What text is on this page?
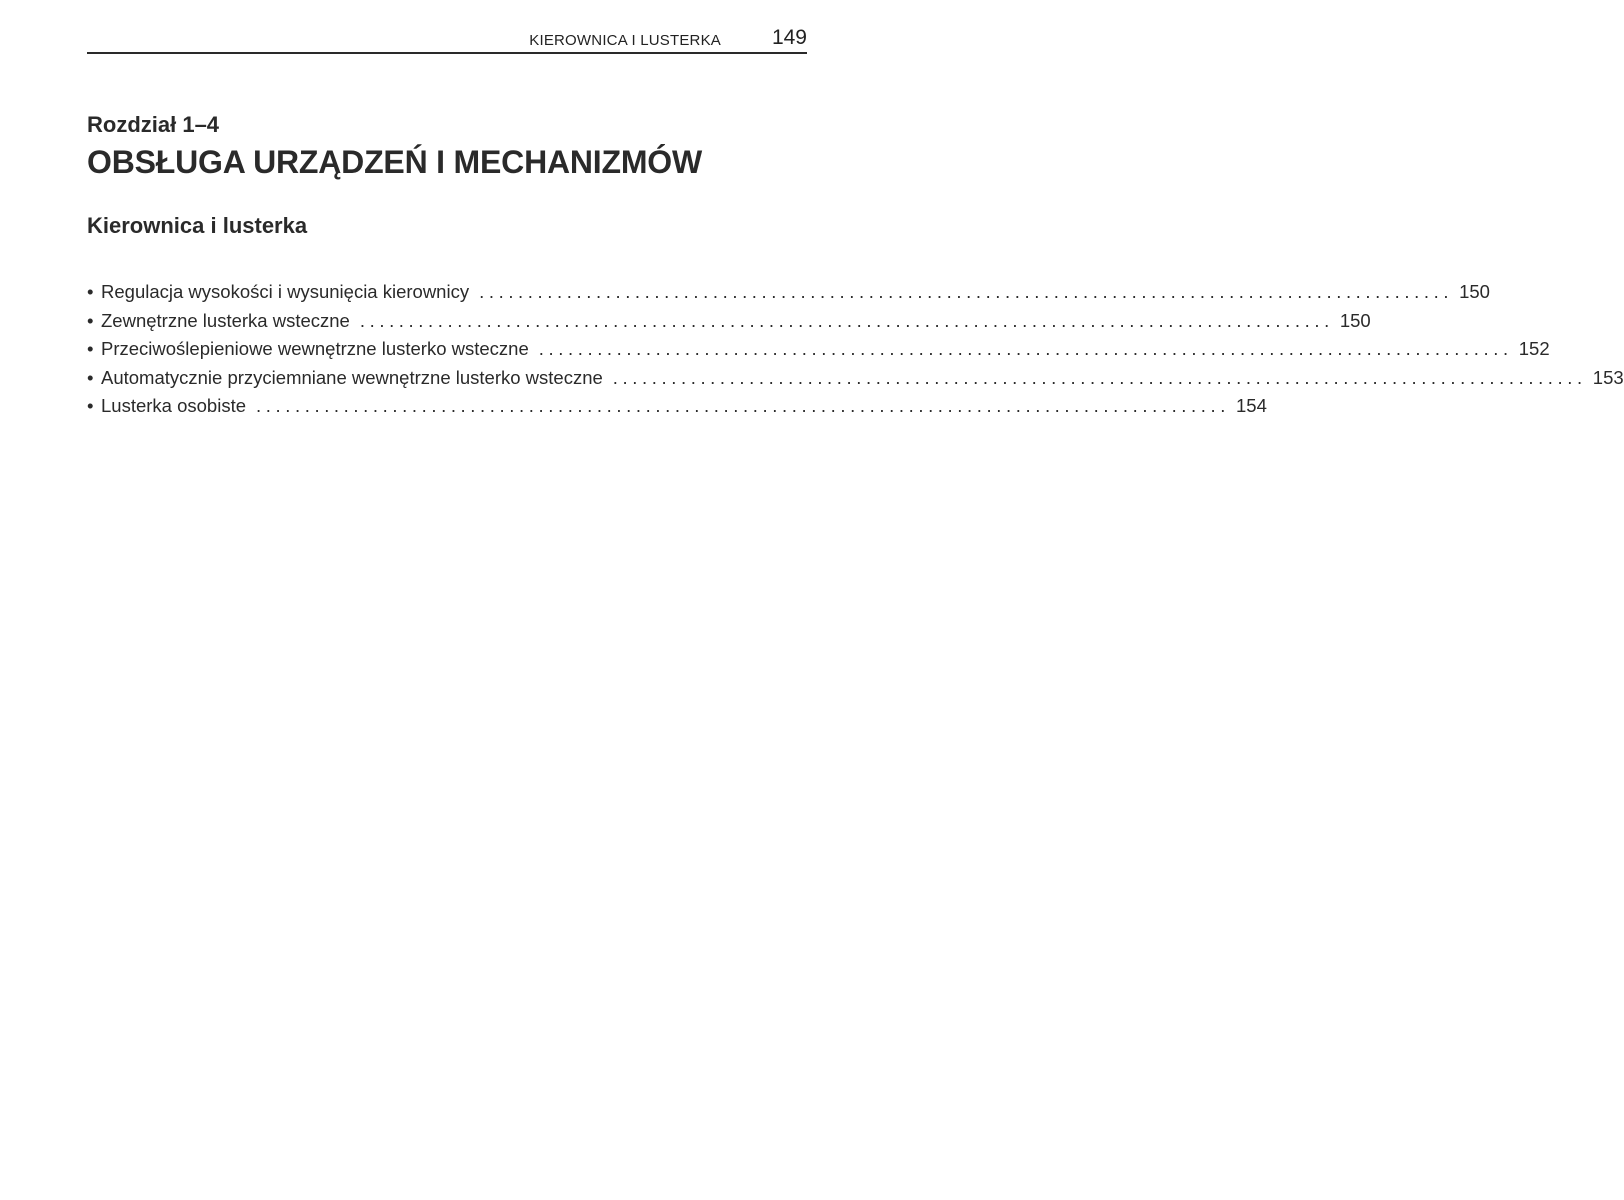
KIEROWNICA I LUSTERKA 149
Rozdział 1–4
OBSŁUGA URZĄDZEŃ I MECHANIZMÓW
Kierownica i lusterka
• Regulacja wysokości i wysunięcia kierownicy .................................................................................................... 150
• Zewnętrzne lusterka wsteczne .................................................................................................... 150
• Przeciwoślepieniowe wewnętrzne lusterko wsteczne .................................................................................................... 152
• Automatycznie przyciemniane wewnętrzne lusterko wsteczne .................................................................................................... 153
• Lusterka osobiste .................................................................................................... 154
